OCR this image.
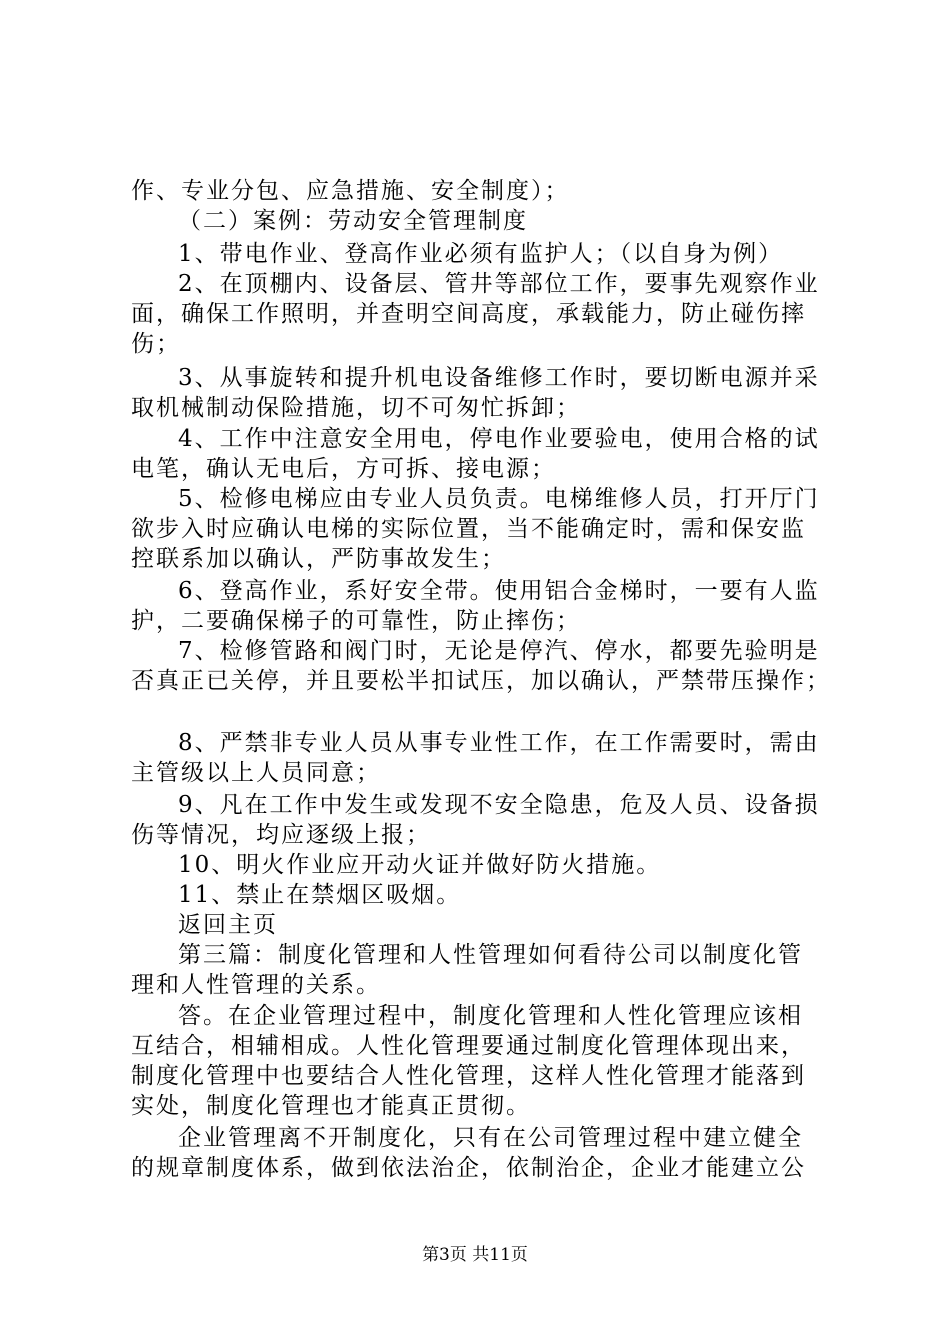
作、专业分包、应急措施、安全制度）；
（二）案例：劳动安全管理制度
1、带电作业、登高作业必须有监护人；（以自身为例）
2、在顶棚内、设备层、管井等部位工作，要事先观察作业
面，确保工作照明，并查明空间高度，承载能力，防止碰伤摔
伤；
3、从事旋转和提升机电设备维修工作时，要切断电源并采
取机械制动保险措施，切不可匆忙拆卸；
4、工作中注意安全用电，停电作业要验电，使用合格的试
电笔，确认无电后，方可拆、接电源；
5、检修电梯应由专业人员负责。电梯维修人员，打开厅门
欲步入时应确认电梯的实际位置，当不能确定时，需和保安监
控联系加以确认，严防事故发生；
6、登高作业，系好安全带。使用铝合金梯时，一要有人监
护，二要确保梯子的可靠性，防止摔伤；
7、检修管路和阀门时，无论是停汽、停水，都要先验明是
否真正已关停，并且要松半扣试压，加以确认，严禁带压操作；
8、严禁非专业人员从事专业性工作，在工作需要时，需由
主管级以上人员同意；
9、凡在工作中发生或发现不安全隐患，危及人员、设备损
伤等情况，均应逐级上报；
10、明火作业应开动火证并做好防火措施。
11、禁止在禁烟区吸烟。
返回主页
第三篇：制度化管理和人性管理如何看待公司以制度化管
理和人性管理的关系。
答。在企业管理过程中，制度化管理和人性化管理应该相
互结合，相辅相成。人性化管理要通过制度化管理体现出来，
制度化管理中也要结合人性化管理，这样人性化管理才能落到
实处，制度化管理也才能真正贯彻。
企业管理离不开制度化，只有在公司管理过程中建立健全
的规章制度体系，做到依法治企，依制治企，企业才能建立公
第3页 共11页
